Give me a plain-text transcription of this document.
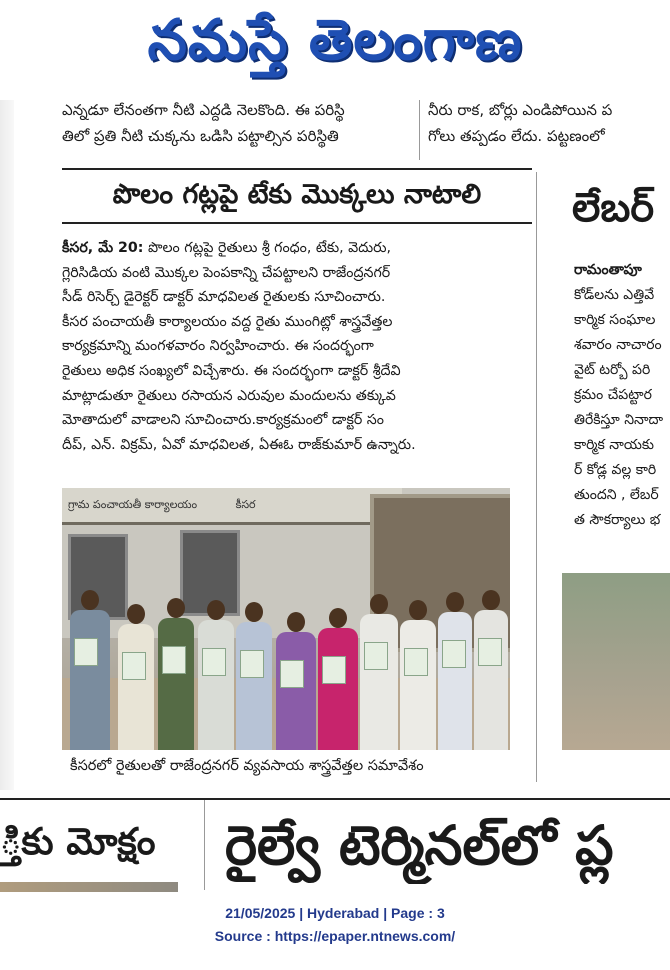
నమస్తే తెలంగాణ
ఎన్నడూ లేనంతగా నీటి ఎద్దడి నెలకొంది. ఈ పరిస్థి
తిలో ప్రతి నీటి చుక్కను ఒడిసి పట్టాల్సిన పరిస్థితి
నీరు రాక, బోర్లు ఎండిపోయిన ప
గోలు తప్పడం లేదు. పట్టణంలో
పొలం గట్లపై టేకు మొక్కలు నాటాలి
కీసర, మే 20: పొలం గట్లపై రైతులు శ్రీ గంధం, టేకు, వెదురు,
గ్లెరిసిడియ వంటి మొక్కల పెంపకాన్ని చేపట్టాలని రాజేంద్రనగర్
సీడ్ రిసెర్చ్ డైరెక్టర్ డాక్టర్ మాధవిలత రైతులకు సూచించారు.
కీసర పంచాయతీ కార్యాలయం వద్ద రైతు ముంగిట్లో శాస్త్రవేత్తల
కార్యక్రమాన్ని మంగళవారం నిర్వహించారు. ఈ సందర్భంగా
రైతులు అధిక సంఖ్యలో విచ్చేశారు. ఈ సందర్భంగా డాక్టర్ శ్రీదేవి
మాట్లాడుతూ రైతులు రసాయన ఎరువుల మందులను తక్కువ
మోతాదులో వాడాలని సూచించారు.కార్యక్రమంలో డాక్టర్ సం
దీప్, ఎన్. విక్రమ్, ఏవో మాధవిలత, ఏఈఓ రాజ్‌కుమార్ ఉన్నారు.
గ్రామ పంచాయతీ కార్యాలయం	కీసర
కీసరలో రైతులతో రాజేంద్రనగర్ వ్యవసాయ శాస్త్రవేత్తల సమావేశం
లేబర్
రామంతాపూ
కోడ్‌లను ఎత్తివే
కార్మిక సంఘాల
శవారం నాచారం
వైట్ టర్బో పరి
క్రమం చేపట్టార
తిరేకిస్తూ నినాదా
కార్మిక నాయకు
ర్ కోడ్ల వల్ల కారి
తుందని , లేబర్
త సౌకర్యాలు భ
్తికు మోక్షం	రైల్వే టెర్మినల్‌లో ప్ల
21/05/2025 | Hyderabad | Page : 3
Source : https://epaper.ntnews.com/
